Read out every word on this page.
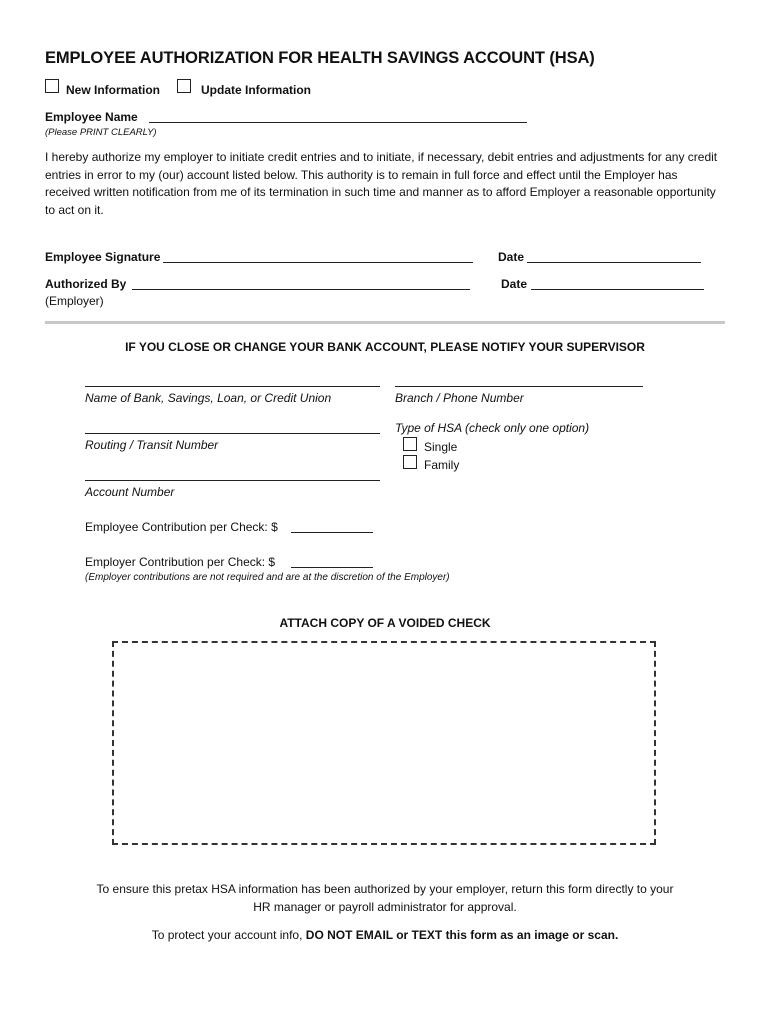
EMPLOYEE AUTHORIZATION FOR HEALTH SAVINGS ACCOUNT (HSA)
New Information	Update Information
Employee Name
(Please PRINT CLEARLY)
I hereby authorize my employer to initiate credit entries and to initiate, if necessary, debit entries and adjustments for any credit entries in error to my (our) account listed below. This authority is to remain in full force and effect until the Employer has received written notification from me of its termination in such time and manner as to afford Employer a reasonable opportunity to act on it.
Employee Signature	Date
Authorized By	Date
(Employer)
IF YOU CLOSE OR CHANGE YOUR BANK ACCOUNT, PLEASE NOTIFY YOUR SUPERVISOR
Name of Bank, Savings, Loan, or Credit Union	Branch / Phone Number
Routing / Transit Number
Type of HSA (check only one option)
Single
Family
Account Number
Employee Contribution per Check: $
Employer Contribution per Check: $
(Employer contributions are not required and are at the discretion of the Employer)
ATTACH COPY OF A VOIDED CHECK
To ensure this pretax HSA information has been authorized by your employer, return this form directly to your
HR manager or payroll administrator for approval.
To protect your account info, DO NOT EMAIL or TEXT this form as an image or scan.
